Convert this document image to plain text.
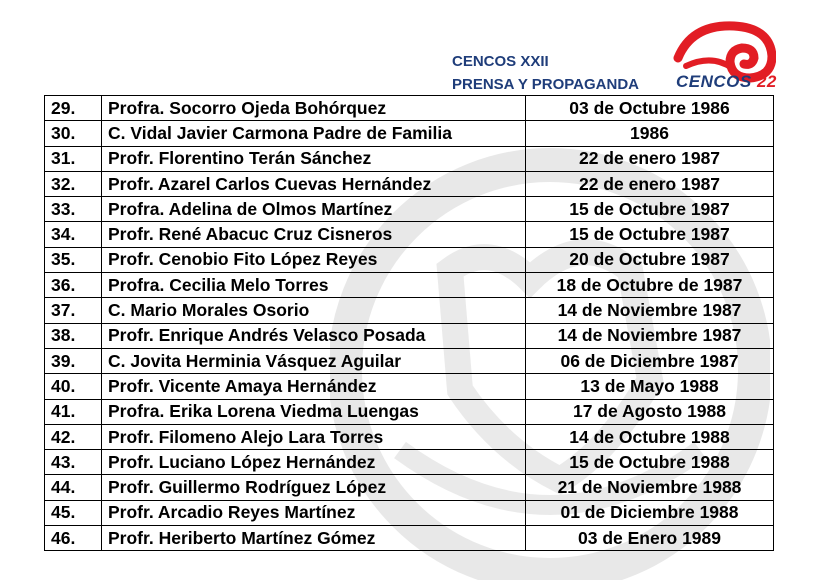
CENCOS XXII
PRENSA Y PROPAGANDA CENCOS 22
29.	Profra. Socorro Ojeda Bohórquez	03 de Octubre 1986
30.	C. Vidal Javier Carmona Padre de Familia	1986
31.	Profr. Florentino Terán Sánchez	22 de enero 1987
32.	Profr. Azarel Carlos Cuevas Hernández	22 de enero 1987
33.	Profra. Adelina de Olmos Martínez	15 de Octubre 1987
34.	Profr. René Abacuc Cruz Cisneros	15 de Octubre 1987
35.	Profr. Cenobio Fito López Reyes	20 de Octubre 1987
36.	Profra. Cecilia Melo Torres	18 de Octubre de 1987
37.	C. Mario Morales Osorio	14 de Noviembre 1987
38.	Profr. Enrique Andrés Velasco Posada	14 de Noviembre 1987
39.	C. Jovita Herminia Vásquez Aguilar	06 de Diciembre 1987
40.	Profr. Vicente Amaya Hernández	13 de Mayo 1988
41.	Profra. Erika Lorena Viedma Luengas	17 de Agosto 1988
42.	Profr. Filomeno Alejo Lara Torres	14 de Octubre 1988
43.	Profr. Luciano López Hernández	15 de Octubre 1988
44.	Profr. Guillermo Rodríguez López	21 de Noviembre 1988
45.	Profr. Arcadio Reyes Martínez	01 de Diciembre 1988
46.	Profr. Heriberto Martínez Gómez	03 de Enero 1989
